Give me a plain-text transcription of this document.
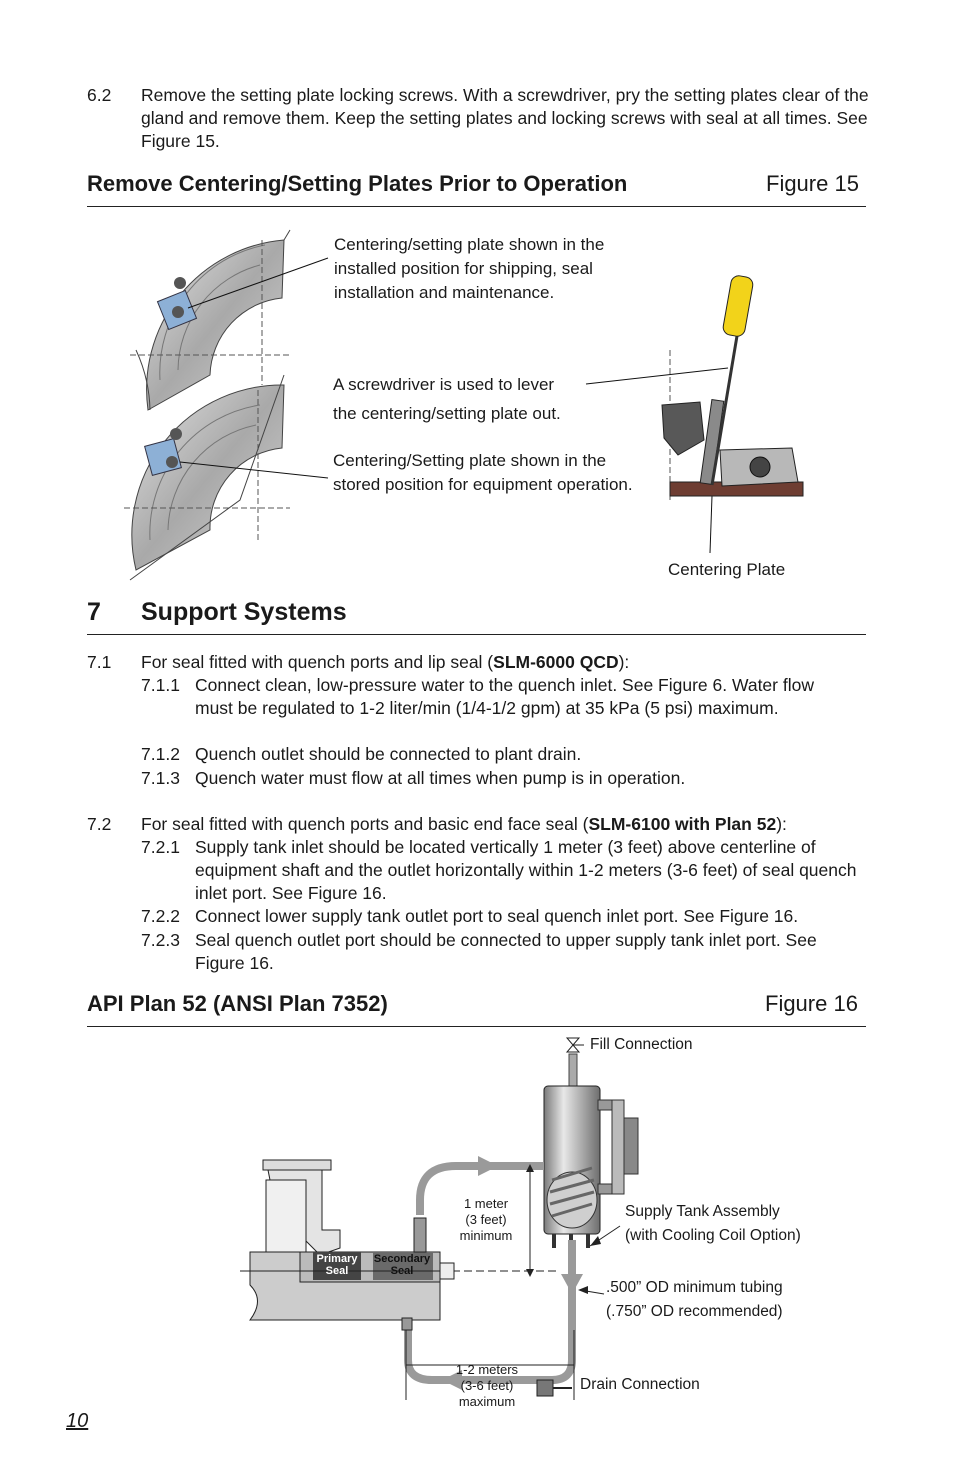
6.2 Remove the setting plate locking screws. With a screwdriver, pry the setting plates clear of the gland and remove them. Keep the setting plates and locking screws with seal at all times. See Figure 15.
Remove Centering/Setting Plates Prior to Operation	Figure 15
Centering/setting plate shown in the installed position for shipping, seal installation and maintenance.
A screwdriver is used to lever
the centering/setting plate out.
Centering/Setting plate shown in the stored position for equipment operation.
Centering Plate
7 Support Systems
7.1 For seal fitted with quench ports and lip seal (SLM-6000 QCD):
7.1.1 Connect clean, low-pressure water to the quench inlet. See Figure 6. Water flow must be regulated to 1-2 liter/min (1/4-1/2 gpm) at 35 kPa (5 psi) maximum.
7.1.2 Quench outlet should be connected to plant drain.
7.1.3 Quench water must flow at all times when pump is in operation.
7.2 For seal fitted with quench ports and basic end face seal (SLM-6100 with Plan 52):
7.2.1 Supply tank inlet should be located vertically 1 meter (3 feet) above centerline of equipment shaft and the outlet horizontally within 1-2 meters (3-6 feet) of seal quench inlet port. See Figure 16.
7.2.2 Connect lower supply tank outlet port to seal quench inlet port. See Figure 16.
7.2.3 Seal quench outlet port should be connected to upper supply tank inlet port. See Figure 16.
API Plan 52 (ANSI Plan 7352)	Figure 16
Fill Connection
Supply Tank Assembly
(with Cooling Coil Option)
.500” OD minimum tubing
(.750” OD recommended)
Drain Connection
1 meter
(3 feet)
minimum
1-2 meters
(3-6 feet)
maximum
Primary
Seal
Secondary
Seal
10
